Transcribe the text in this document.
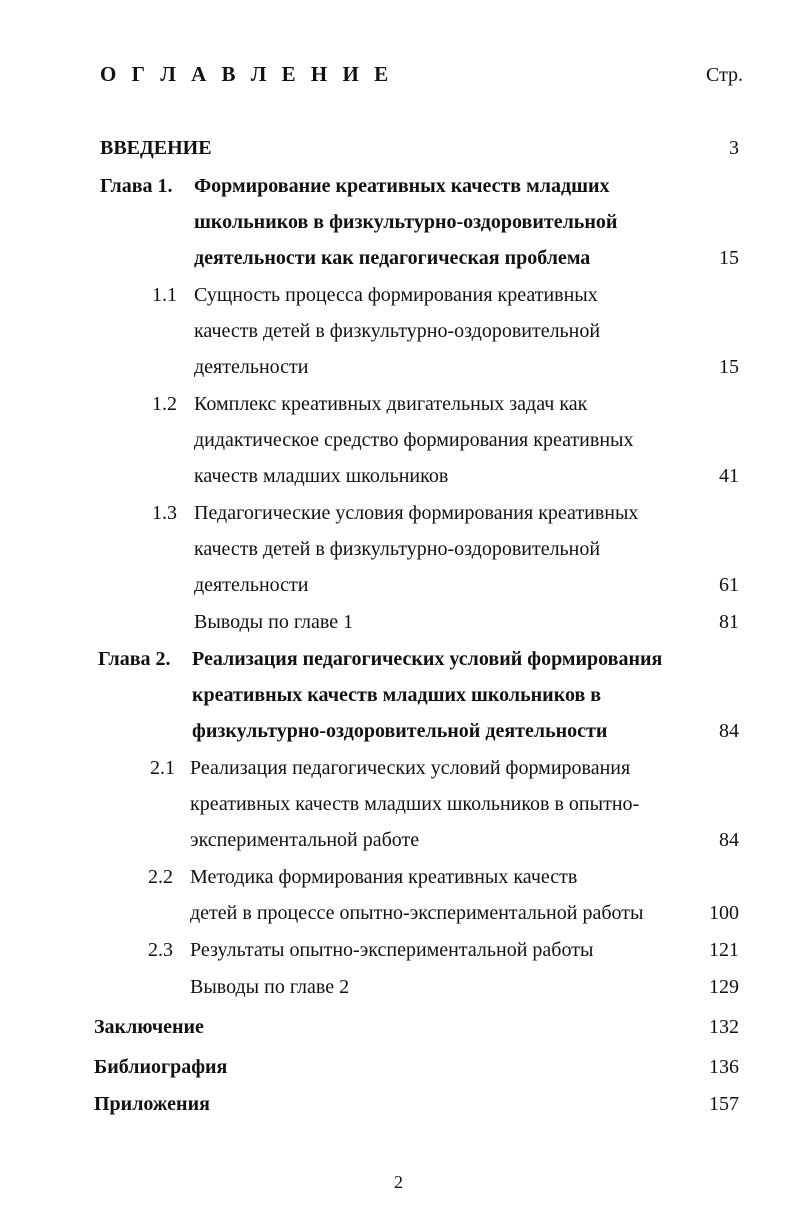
О Г Л А В Л Е Н И Е	Стр.
ВВЕДЕНИЕ	3
Глава 1. Формирование креативных качеств младших
школьников в физкультурно-оздоровительной
деятельности как педагогическая проблема	15
1.1 Сущность процесса формирования креативных
качеств детей в физкультурно-оздоровительной
деятельности	15
1.2 Комплекс креативных двигательных задач как
дидактическое средство формирования креативных
качеств младших школьников	41
1.3 Педагогические условия формирования креативных
качеств детей в физкультурно-оздоровительной
деятельности	61
Выводы по главе 1	81
Глава 2. Реализация педагогических условий формирования
креативных качеств младших школьников в
физкультурно-оздоровительной деятельности	84
2.1 Реализация педагогических условий формирования
креативных качеств младших школьников в опытно-
экспериментальной работе	84
2.2 Методика формирования креативных качеств
детей в процессе опытно-экспериментальной работы	100
2.3 Результаты опытно-экспериментальной работы	121
Выводы по главе 2	129
Заключение	132
Библиография	136
Приложения	157
2
